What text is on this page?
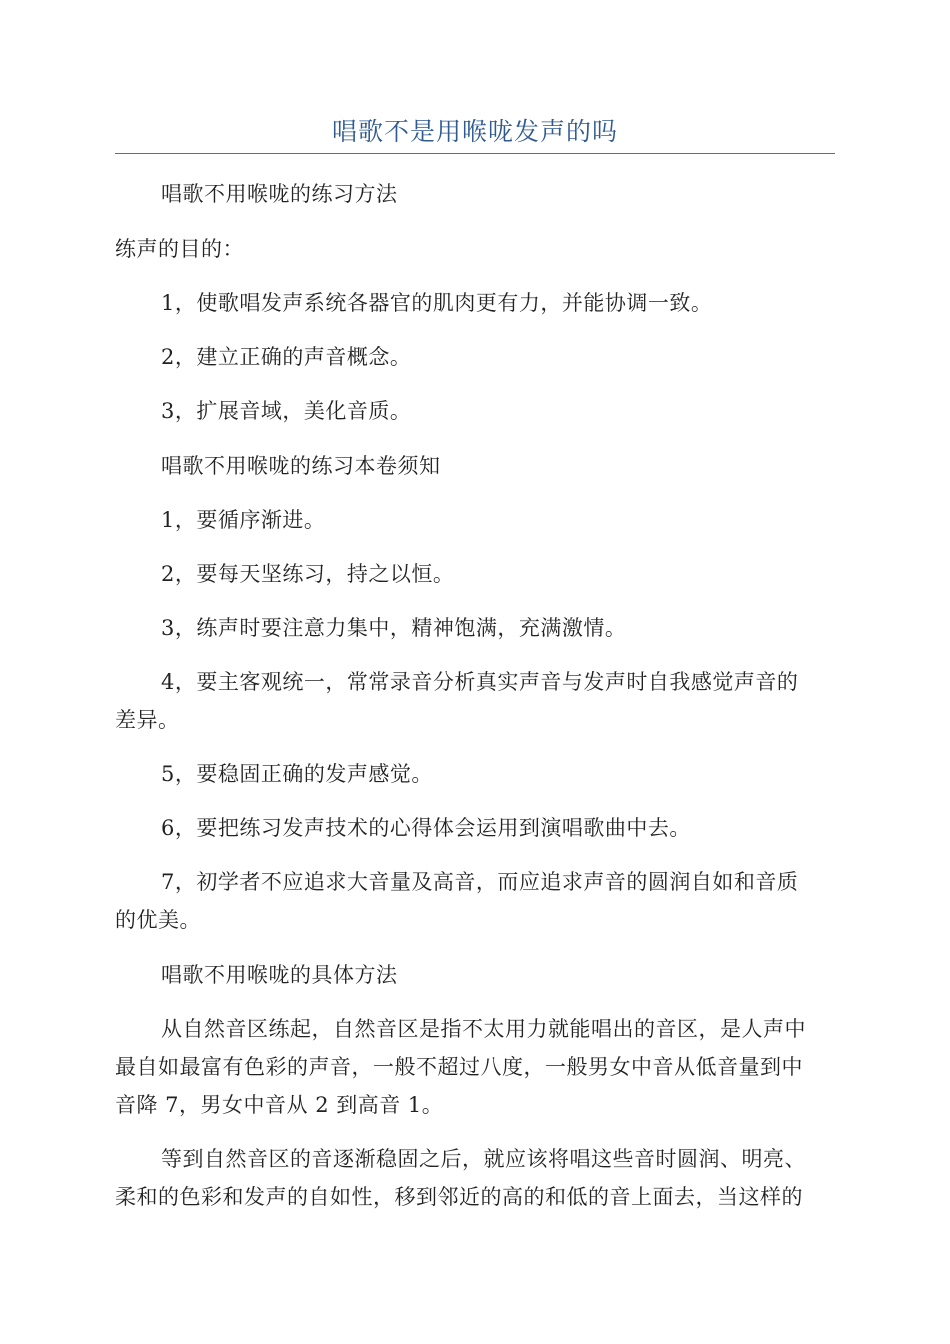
唱歌不是用喉咙发声的吗

唱歌不用喉咙的练习方法

练声的目的：

1，使歌唱发声系统各器官的肌肉更有力，并能协调一致。

2，建立正确的声音概念。

3，扩展音域，美化音质。

唱歌不用喉咙的练习本卷须知

1，要循序渐进。

2，要每天坚练习，持之以恒。

3，练声时要注意力集中，精神饱满，充满激情。

4，要主客观统一，常常录音分析真实声音与发声时自我感觉声音的

差异。

5，要稳固正确的发声感觉。

6，要把练习发声技术的心得体会运用到演唱歌曲中去。

7，初学者不应追求大音量及高音，而应追求声音的圆润自如和音质

的优美。

唱歌不用喉咙的具体方法

从自然音区练起，自然音区是指不太用力就能唱出的音区，是人声中

最自如最富有色彩的声音，一般不超过八度，一般男女中音从低音量到中

音降 7，男女中音从 2 到高音 1。

等到自然音区的音逐渐稳固之后，就应该将唱这些音时圆润、明亮、

柔和的色彩和发声的自如性，移到邻近的高的和低的音上面去，当这样的
